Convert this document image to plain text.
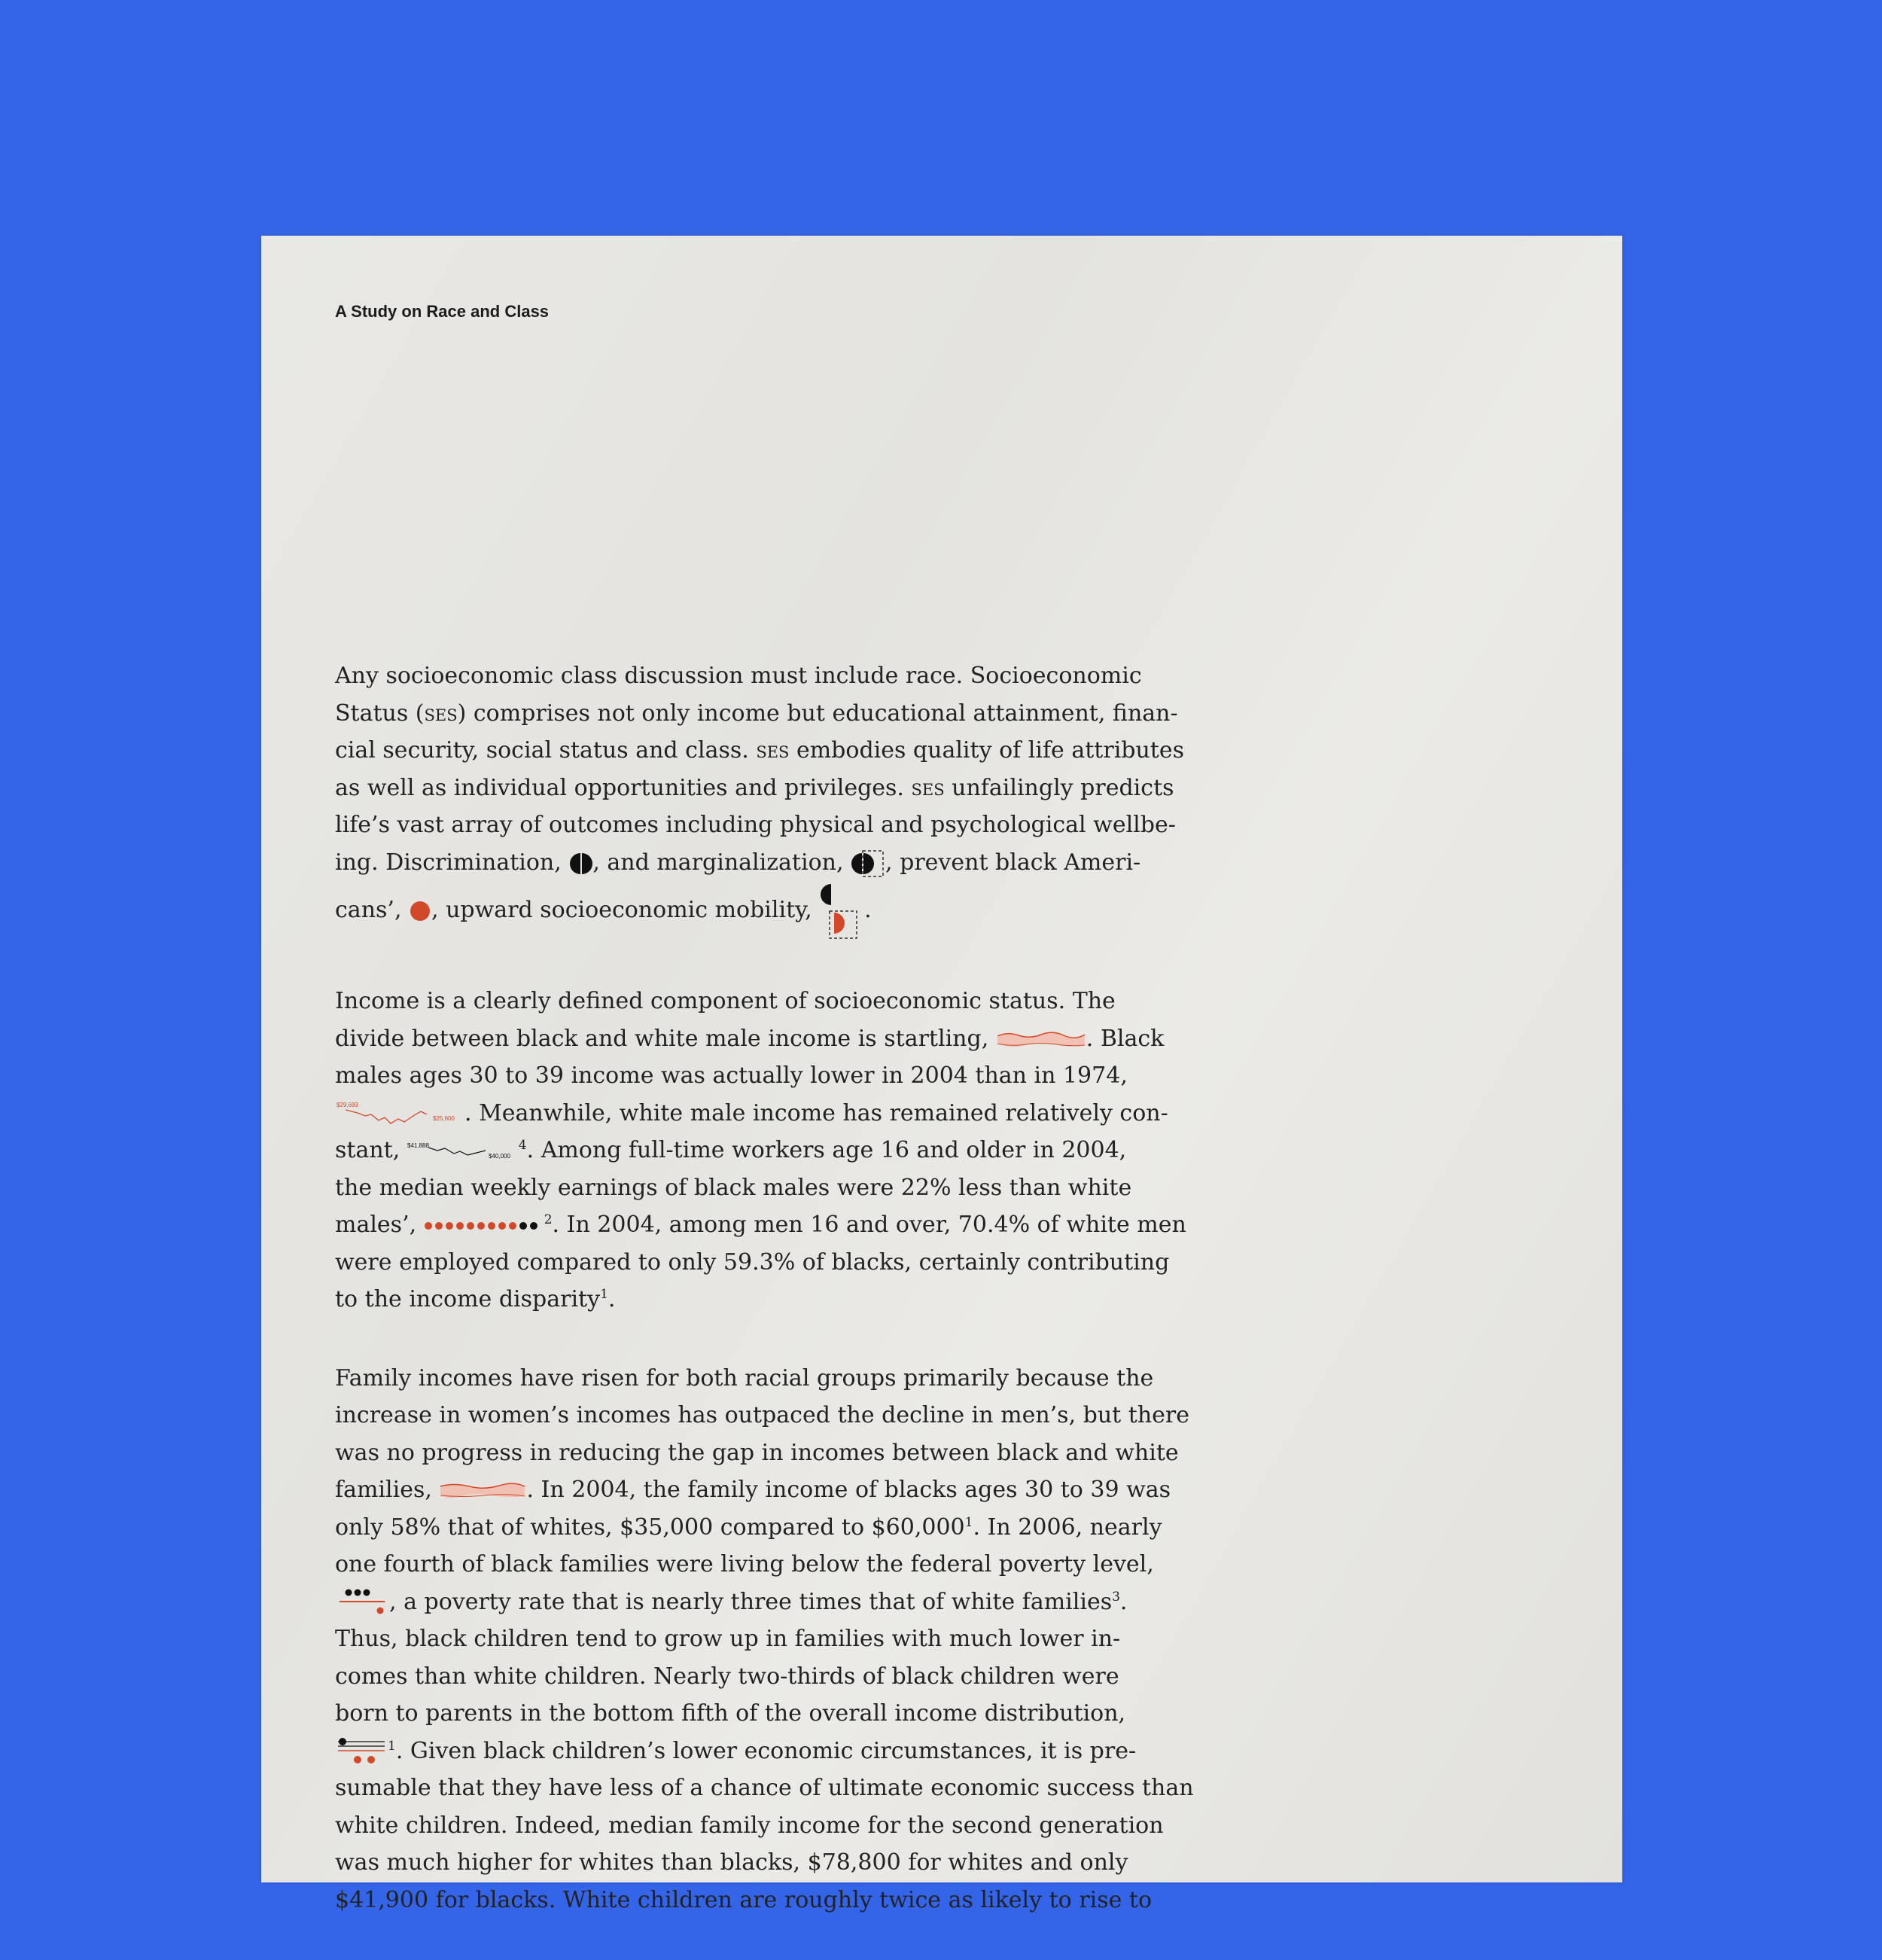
A Study on Race and Class

Any socioeconomic class discussion must include race. Socioeconomic
Status (ses) comprises not only income but educational attainment, finan-
cial security, social status and class. ses embodies quality of life attributes
as well as individual opportunities and privileges. ses unfailingly predicts
life’s vast array of outcomes including physical and psychological wellbe-
ing. Discrimination, , and marginalization, , prevent black Ameri-
cans’, , upward socioeconomic mobility, .

Income is a clearly defined component of socioeconomic status. The
divide between black and white male income is startling,	. Black
males ages 30 to 39 income was actually lower in 2004 than in 1974,
$29,693
$25,600 . Meanwhile, white male income has remained relatively con-
stant, $41,888
$40,000
$^4$. Among full-time workers age 16 and older in 2004,
the median weekly earnings of black males were 22% less than white
males’,	$^2$. In 2004, among men 16 and over, 70.4% of white men
were employed compared to only 59.3% of blacks, certainly contributing
to the income disparity$^1$.

Family incomes have risen for both racial groups primarily because the
increase in women’s incomes has outpaced the decline in men’s, but there
was no progress in reducing the gap in incomes between black and white
families,	. In 2004, the family income of blacks ages 30 to 39 was
only 58% that of whites, $35,000 compared to $60,000$^1$. In 2006, nearly
one fourth of black families were living below the federal poverty level,
, a poverty rate that is nearly three times that of white families$^3$.
Thus, black children tend to grow up in families with much lower in-
comes than white children. Nearly two-thirds of black children were
born to parents in the bottom fifth of the overall income distribution,
$^1$. Given black children’s lower economic circumstances, it is pre-
sumable that they have less of a chance of ultimate economic success than
white children. Indeed, median family income for the second generation
was much higher for whites than blacks, $78,800 for whites and only
$41,900 for blacks. White children are roughly twice as likely to rise to
